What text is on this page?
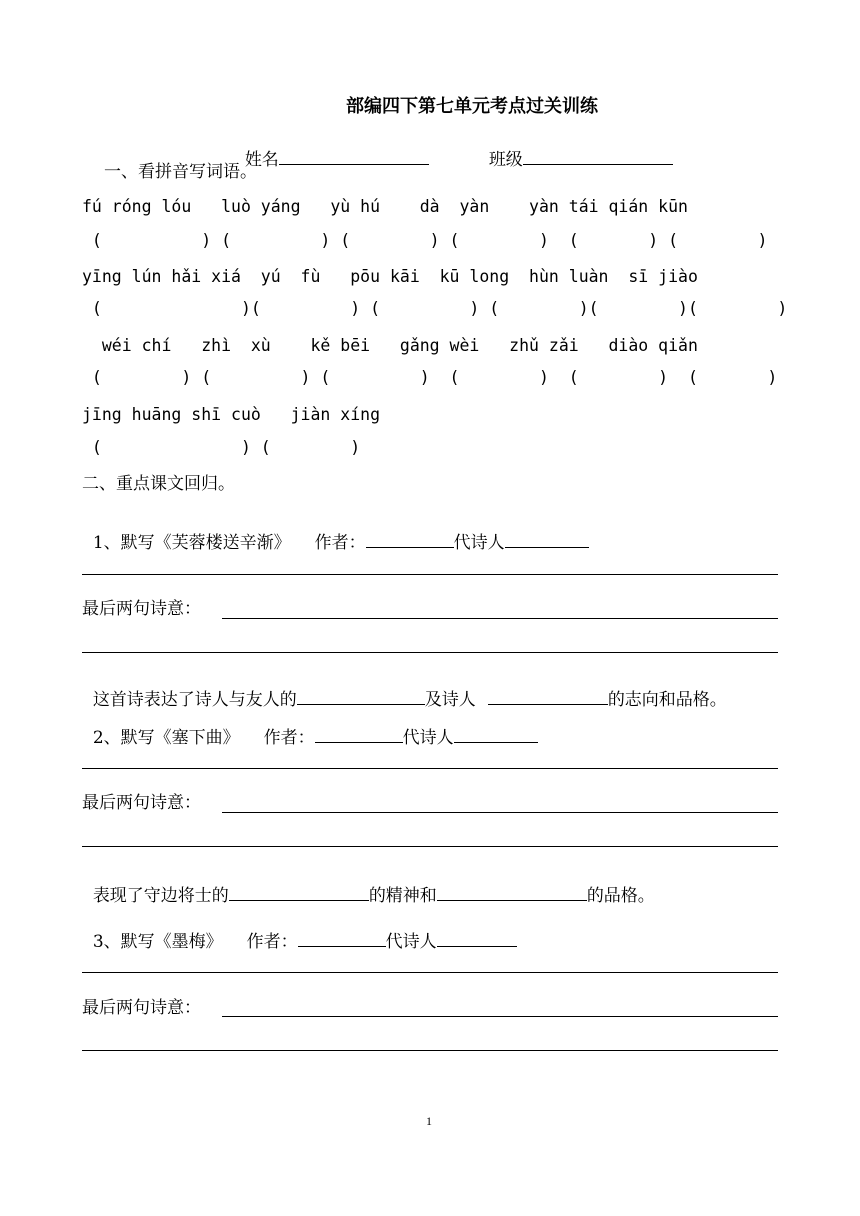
部编四下第七单元考点过关训练

姓名	班级

一、看拼音写词语。
fú róng lóu   luò yáng   yù hú    dà  yàn    yàn tái qián kūn
(          ) (         ) (        ) (        )  (       ) (        )
yīng lún hǎi xiá  yú  fù   pōu kāi  kū long  hùn luàn  sī jiào
(              )(         ) (         ) (        )(        )(        )
wéi chí   zhì  xù    kě bēi   gǎng wèi   zhǔ zǎi   diào qiǎn
(        ) (         ) (         )  (        )  (        )  (       )
jīng huāng shī cuò   jiàn xíng
(              ) (        )
二、重点课文回归。

1、默写《芙蓉楼送辛渐》 作者：	代诗人

最后两句诗意：

这首诗表达了诗人与友人的	及诗人	的志向和品格。

2、默写《塞下曲》 作者：	代诗人

最后两句诗意：

表现了守边将士的	的精神和	的品格。

3、默写《墨梅》 作者：	代诗人

最后两句诗意：
1
